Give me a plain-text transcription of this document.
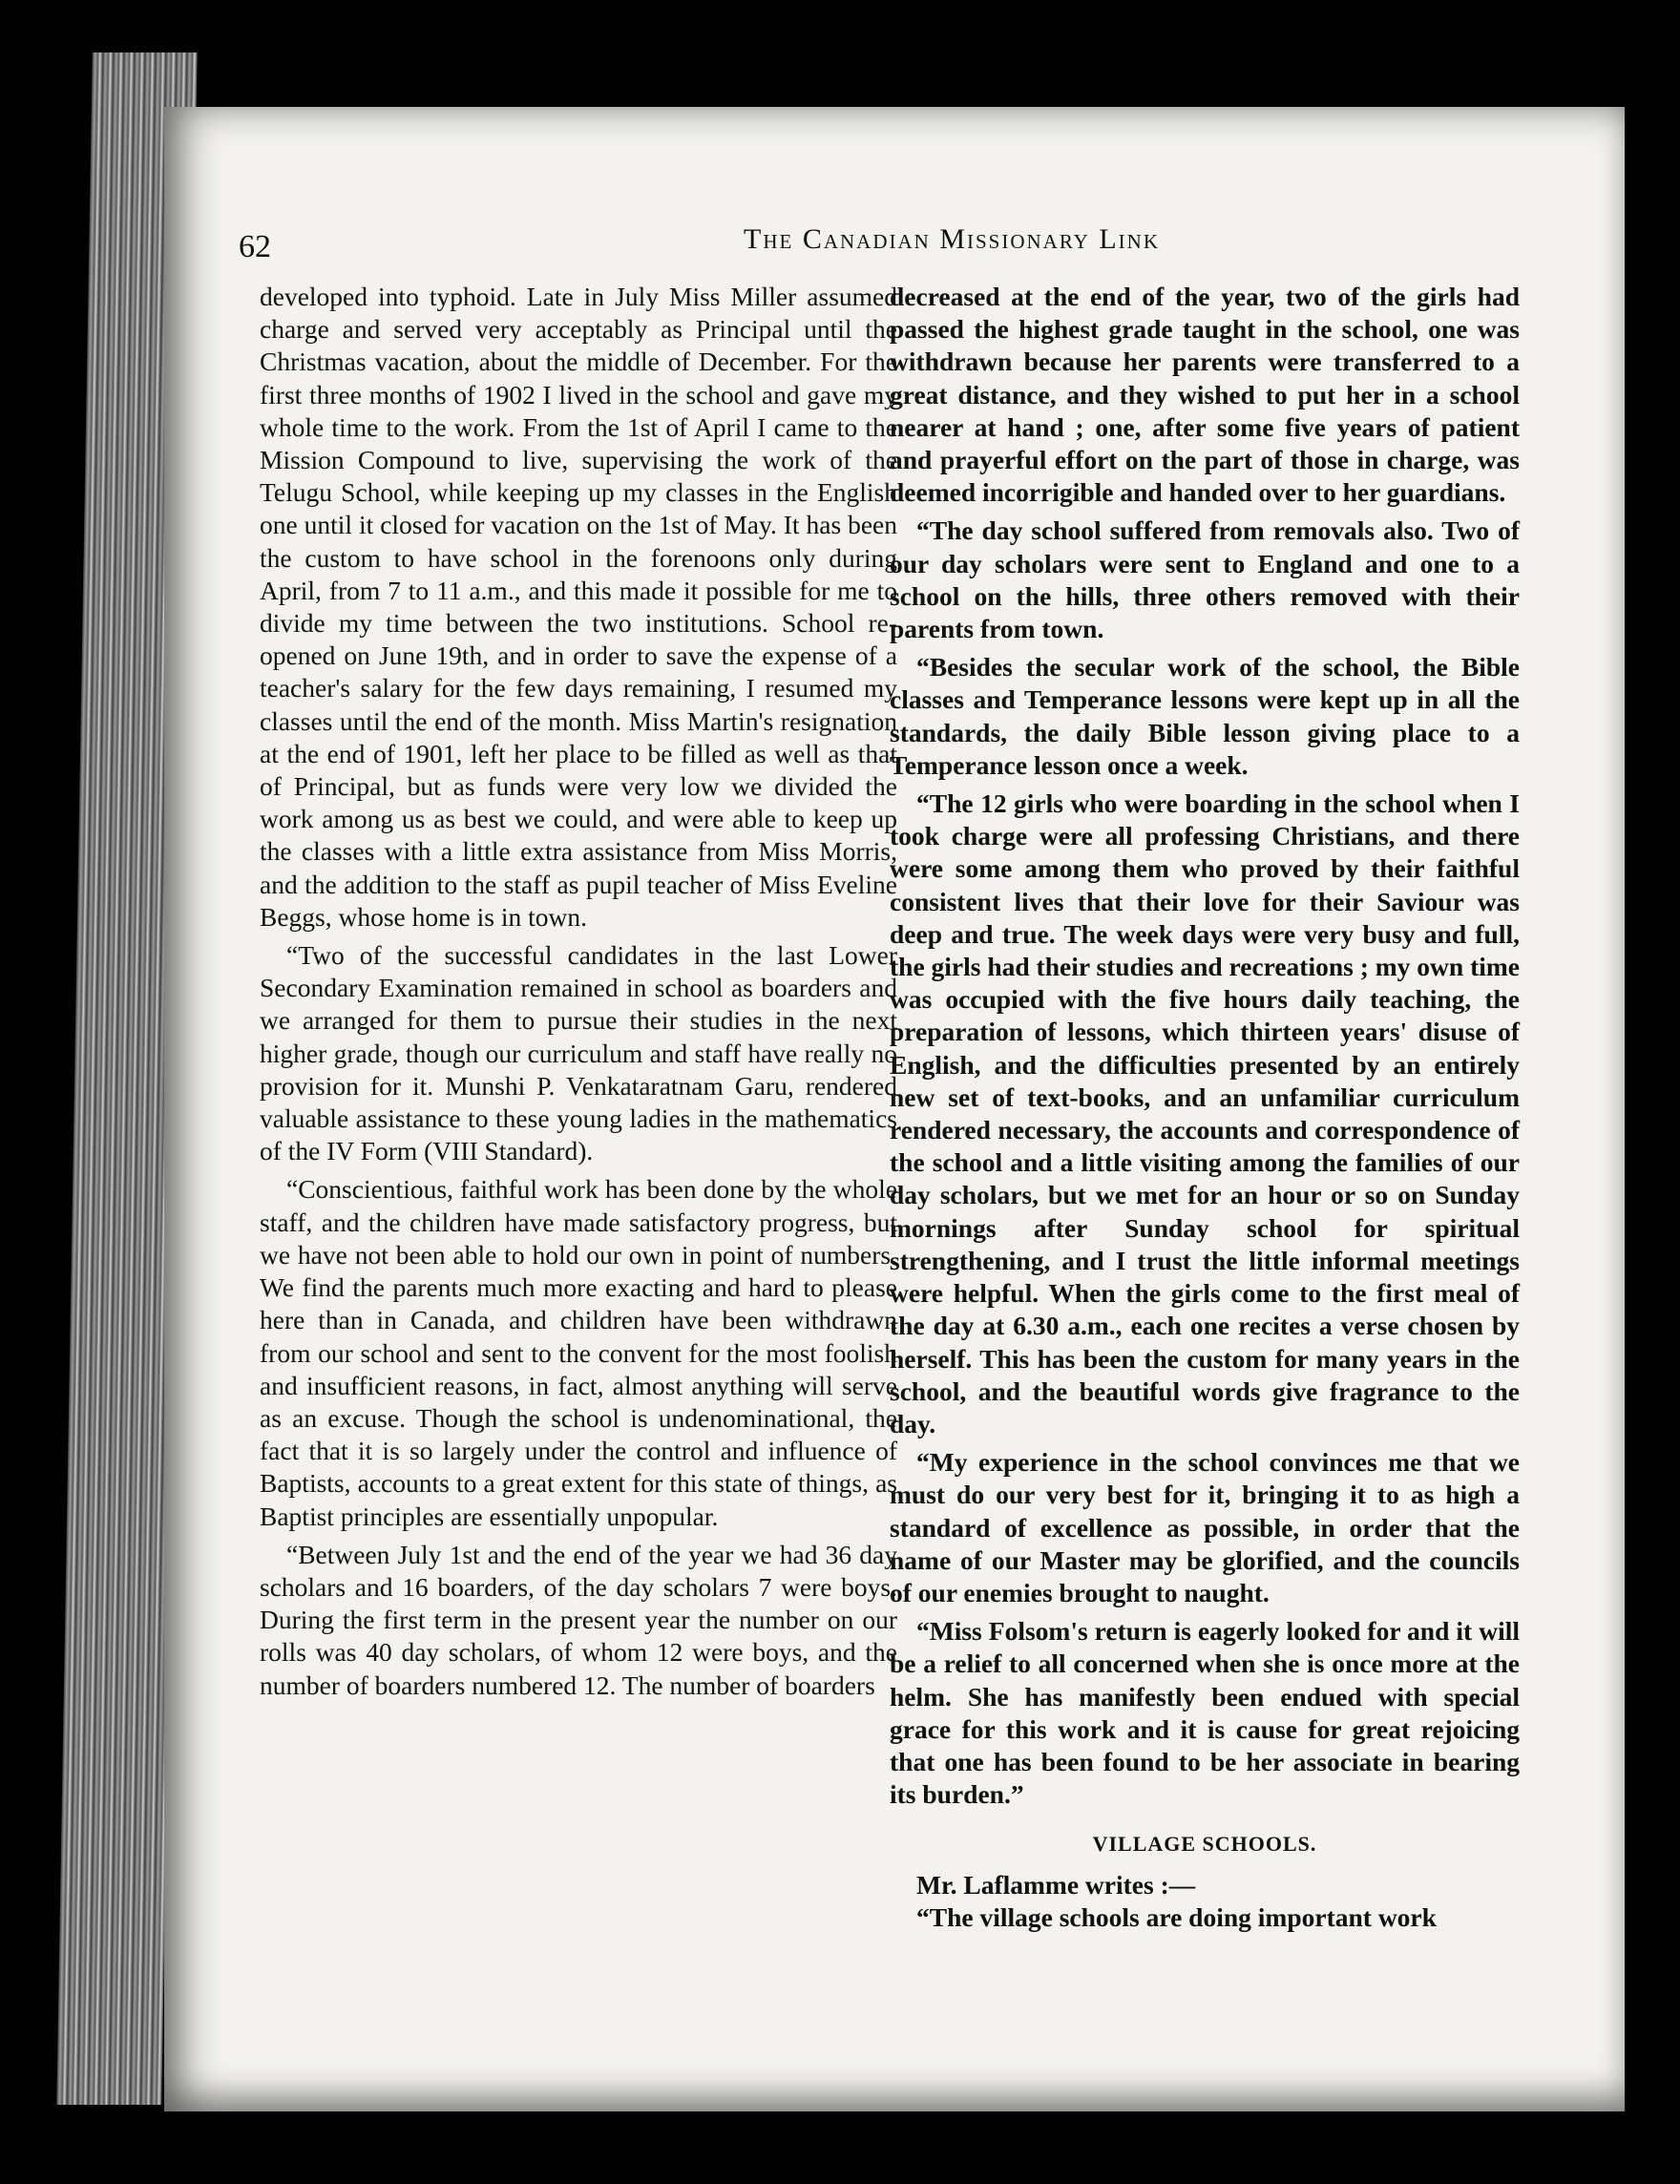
62	The Canadian Missionary Link

developed into typhoid. Late in July Miss Miller assumed charge and served very acceptably as Principal until the Christmas vacation, about the middle of December. For the first three months of 1902 I lived in the school and gave my whole time to the work. From the 1st of April I came to the Mission Compound to live, supervising the work of the Telugu School, while keeping up my classes in the English one until it closed for vacation on the 1st of May. It has been the custom to have school in the forenoons only during April, from 7 to 11 a.m., and this made it possible for me to divide my time between the two institutions. School re-opened on June 19th, and in order to save the expense of a teacher's salary for the few days remaining, I resumed my classes until the end of the month. Miss Martin's resignation at the end of 1901, left her place to be filled as well as that of Principal, but as funds were very low we divided the work among us as best we could, and were able to keep up the classes with a little extra assistance from Miss Morris, and the addition to the staff as pupil teacher of Miss Eveline Beggs, whose home is in town.

“Two of the successful candidates in the last Lower Secondary Examination remained in school as boarders and we arranged for them to pursue their studies in the next higher grade, though our curriculum and staff have really no provision for it. Munshi P. Venkataratnam Garu, rendered valuable assistance to these young ladies in the mathematics of the IV Form (VIII Standard).

“Conscientious, faithful work has been done by the whole staff, and the children have made satisfactory progress, but we have not been able to hold our own in point of numbers. We find the parents much more exacting and hard to please here than in Canada, and children have been withdrawn from our school and sent to the convent for the most foolish and insufficient reasons, in fact, almost anything will serve as an excuse. Though the school is undenominational, the fact that it is so largely under the control and influence of Baptists, accounts to a great extent for this state of things, as Baptist principles are essentially unpopular.

“Between July 1st and the end of the year we had 36 day scholars and 16 boarders, of the day scholars 7 were boys. During the first term in the present year the number on our rolls was 40 day scholars, of whom 12 were boys, and the number of boarders numbered 12. The number of boarders

decreased at the end of the year, two of the girls had passed the highest grade taught in the school, one was withdrawn because her parents were transferred to a great distance, and they wished to put her in a school nearer at hand ; one, after some five years of patient and prayerful effort on the part of those in charge, was deemed incorrigible and handed over to her guardians.

“The day school suffered from removals also. Two of our day scholars were sent to England and one to a school on the hills, three others removed with their parents from town.

“Besides the secular work of the school, the Bible classes and Temperance lessons were kept up in all the standards, the daily Bible lesson giving place to a Temperance lesson once a week.

“The 12 girls who were boarding in the school when I took charge were all professing Christians, and there were some among them who proved by their faithful consistent lives that their love for their Saviour was deep and true. The week days were very busy and full, the girls had their studies and recreations ; my own time was occupied with the five hours daily teaching, the preparation of lessons, which thirteen years' disuse of English, and the difficulties presented by an entirely new set of text-books, and an unfamiliar curriculum rendered necessary, the accounts and correspondence of the school and a little visiting among the families of our day scholars, but we met for an hour or so on Sunday mornings after Sunday school for spiritual strengthening, and I trust the little informal meetings were helpful. When the girls come to the first meal of the day at 6.30 a.m., each one recites a verse chosen by herself. This has been the custom for many years in the school, and the beautiful words give fragrance to the day.

“My experience in the school convinces me that we must do our very best for it, bringing it to as high a standard of excellence as possible, in order that the name of our Master may be glorified, and the councils of our enemies brought to naught.

“Miss Folsom's return is eagerly looked for and it will be a relief to all concerned when she is once more at the helm. She has manifestly been endued with special grace for this work and it is cause for great rejoicing that one has been found to be her associate in bearing its burden.”

VILLAGE SCHOOLS.

Mr. Laflamme writes :—

“The village schools are doing important work
